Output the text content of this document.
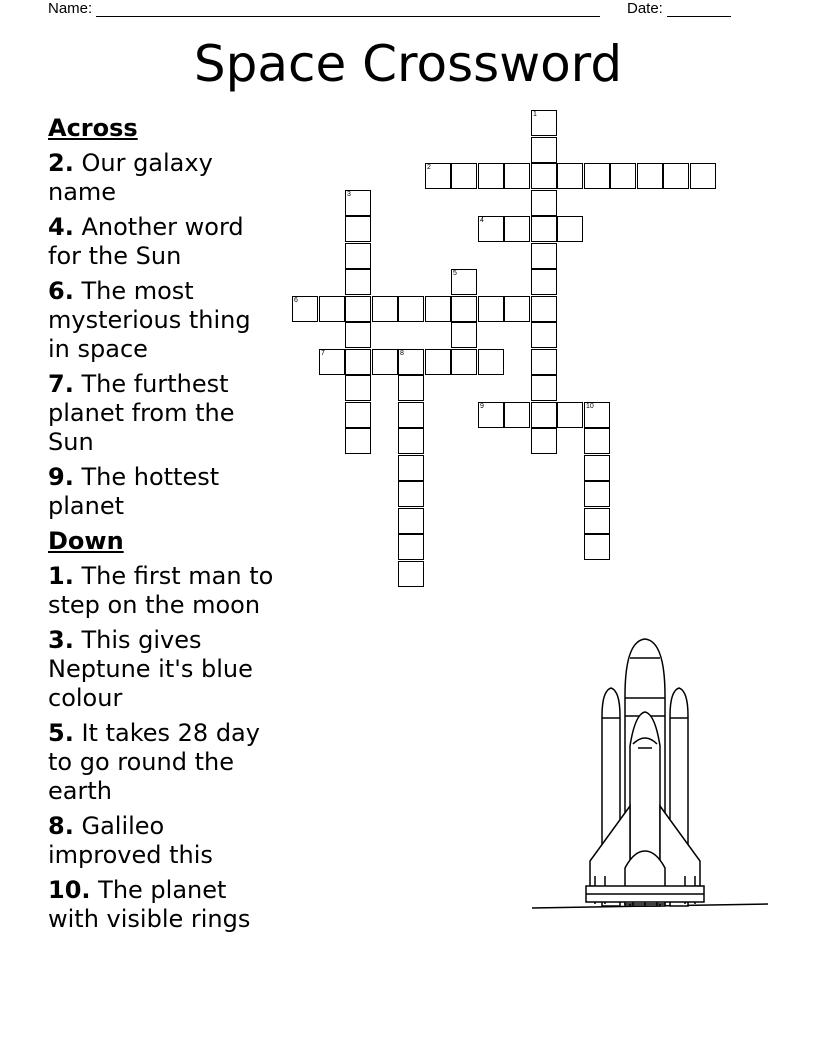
Name:	Date:
Space Crossword
Across
2. Our galaxy name
4. Another word for the Sun
6. The most mysterious thing in space
7. The furthest planet from the Sun
9. The hottest planet
Down
1. The first man to step on the moon
3. This gives Neptune it's blue colour
5. It takes 28 day to go round the earth
8. Galileo improved this
10. The planet with visible rings
1
2
3
4
5
6
7	8
9	10
